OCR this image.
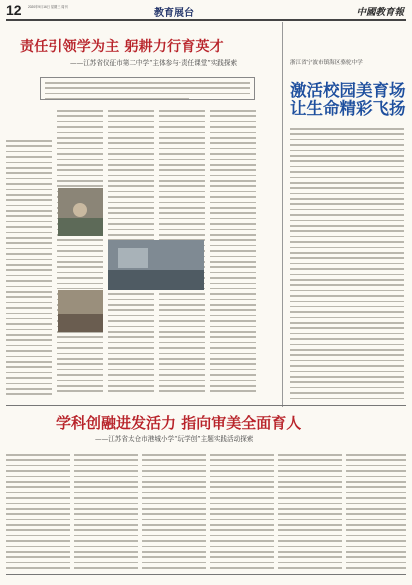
12 2020年9月16日 星期三 周刊
教育展台	中國教育報
责任引领学为主 躬耕力行育英才
——江苏省仪征市第二中学“主体参与·责任课堂”实践探索	浙江省宁波市镇海区骆驼中学
激活校园美育场
让生命精彩飞扬
学科创融进发活力 指向审美全面育人
——江苏省太仓市港城小学“玩学创”主题实践活动探索
